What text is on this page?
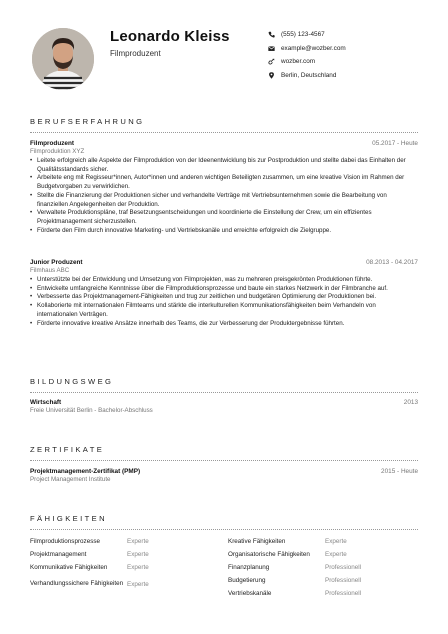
Leonardo Kleiss
Filmproduzent
(555) 123-4567
example@wozber.com
wozber.com
Berlin, Deutschland
BERUFSERFAHRUNG
Filmproduzent	05.2017 - Heute
Filmproduktion XYZ
• Leitete erfolgreich alle Aspekte der Filmproduktion von der Ideenentwicklung bis zur Postproduktion und stellte dabei das Einhalten der Qualitätsstandards sicher.
• Arbeitete eng mit Regisseur*innen, Autor*innen und anderen wichtigen Beteiligten zusammen, um eine kreative Vision im Rahmen der Budgetvorgaben zu verwirklichen.
• Stellte die Finanzierung der Produktionen sicher und verhandelte Verträge mit Vertriebsunternehmen sowie die Bearbeitung von finanziellen Angelegenheiten der Produktion.
• Verwaltete Produktionspläne, traf Besetzungsentscheidungen und koordinierte die Einstellung der Crew, um ein effizientes Projektmanagement sicherzustellen.
• Förderte den Film durch innovative Marketing- und Vertriebskanäle und erreichte erfolgreich die Zielgruppe.
Junior Produzent	08.2013 - 04.2017
Filmhaus ABC
• Unterstützte bei der Entwicklung und Umsetzung von Filmprojekten, was zu mehreren preisgekrönten Produktionen führte.
• Entwickelte umfangreiche Kenntnisse über die Filmproduktionsprozesse und baute ein starkes Netzwerk in der Filmbranche auf.
• Verbesserte das Projektmanagement-Fähigkeiten und trug zur zeitlichen und budgetären Optimierung der Produktionen bei.
• Kollaborierte mit internationalen Filmteams und stärkte die interkulturellen Kommunikationsfähigkeiten beim Verhandeln von internationalen Verträgen.
• Förderte innovative kreative Ansätze innerhalb des Teams, die zur Verbesserung der Produktergebnisse führten.
BILDUNGSWEG
Wirtschaft	2013
Freie Universität Berlin - Bachelor-Abschluss
ZERTIFIKATE
Projektmanagement-Zertifikat (PMP)	2015 - Heute
Project Management Institute
FÄHIGKEITEN
Filmproduktionsprozesse	Experte
Projektmanagement	Experte
Kommunikative Fähigkeiten	Experte
Verhandlungssichere Fähigkeiten Experte
Kreative Fähigkeiten	Experte
Organisatorische Fähigkeiten	Experte
Finanzplanung	Professionell
Budgetierung	Professionell
Vertriebskanäle	Professionell
